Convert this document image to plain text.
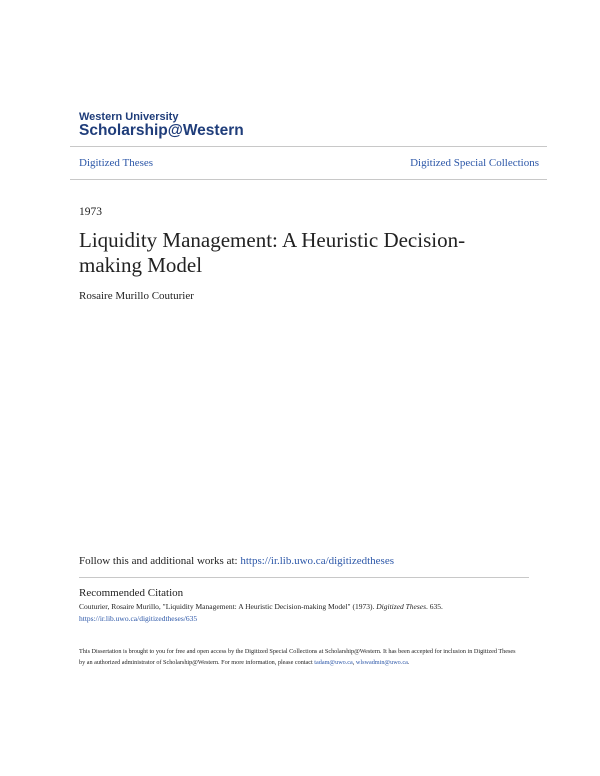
Western University
Scholarship@Western
Digitized Theses	Digitized Special Collections
1973
Liquidity Management: A Heuristic Decision-
making Model
Rosaire Murillo Couturier
Follow this and additional works at: https://ir.lib.uwo.ca/digitizedtheses
Recommended Citation
Couturier, Rosaire Murillo, "Liquidity Management: A Heuristic Decision-making Model" (1973). Digitized Theses. 635.
https://ir.lib.uwo.ca/digitizedtheses/635
This Dissertation is brought to you for free and open access by the Digitized Special Collections at Scholarship@Western. It has been accepted for inclusion in Digitized Theses by an authorized administrator of Scholarship@Western. For more information, please contact tadam@uwo.ca, wlswadmin@uwo.ca.
